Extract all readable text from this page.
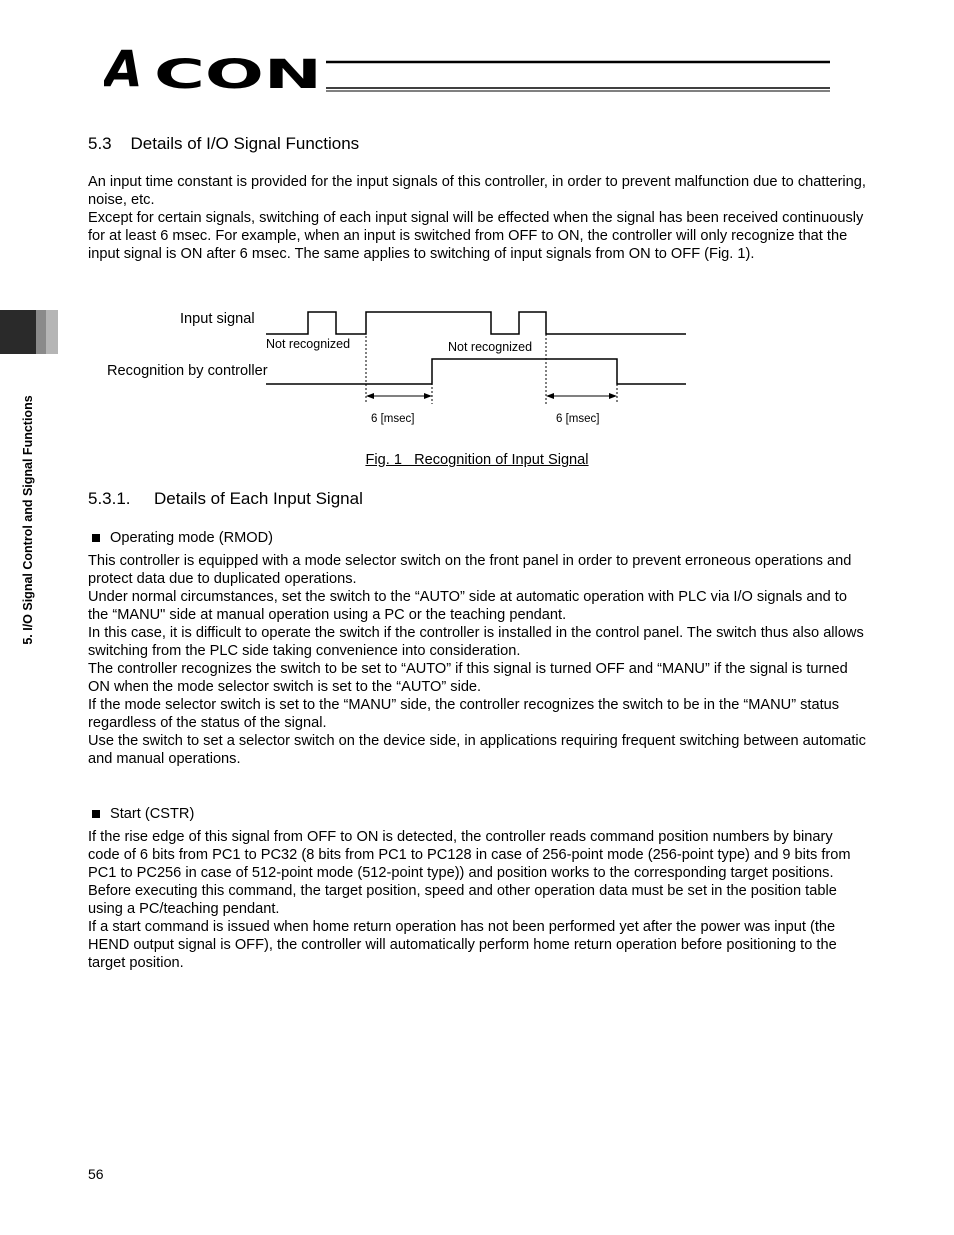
A CON
5.3    Details of I/O Signal Functions

An input time constant is provided for the input signals of this controller, in order to prevent malfunction due to chattering, noise, etc.

Except for certain signals, switching of each input signal will be effected when the signal has been received continuously for at least 6 msec. For example, when an input is switched from OFF to ON, the controller will only recognize that the input signal is ON after 6 msec. The same applies to switching of input signals from ON to OFF (Fig. 1).

Input signal
Recognition by controller
Not recognized	Not recognized
6 [msec]	6 [msec]
Fig. 1   Recognition of Input Signal
5.3.1. Details of Each Input Signal
Operating mode (RMOD)

This controller is equipped with a mode selector switch on the front panel in order to prevent erroneous operations and protect data due to duplicated operations.

Under normal circumstances, set the switch to the “AUTO” side at automatic operation with PLC via I/O signals and to the “MANU" side at manual operation using a PC or the teaching pendant.

In this case, it is difficult to operate the switch if the controller is installed in the control panel. The switch thus also allows switching from the PLC side taking convenience into consideration.

The controller recognizes the switch to be set to “AUTO” if this signal is turned OFF and “MANU” if the signal is turned ON when the mode selector switch is set to the “AUTO” side.

If the mode selector switch is set to the “MANU” side, the controller recognizes the switch to be in the “MANU” status regardless of the status of the signal.

Use the switch to set a selector switch on the device side, in applications requiring frequent switching between automatic and manual operations.

Start (CSTR)

If the rise edge of this signal from OFF to ON is detected, the controller reads command position numbers by binary code of 6 bits from PC1 to PC32 (8 bits from PC1 to PC128 in case of 256-point mode (256-point type) and 9 bits from PC1 to PC256 in case of 512-point mode (512-point type)) and position works to the corresponding target positions.

Before executing this command, the target position, speed and other operation data must be set in the position table using a PC/teaching pendant.

If a start command is issued when home return operation has not been performed yet after the power was input (the HEND output signal is OFF), the controller will automatically perform home return operation before positioning to the target position.

5. I/O Signal Control and Signal Functions
56
